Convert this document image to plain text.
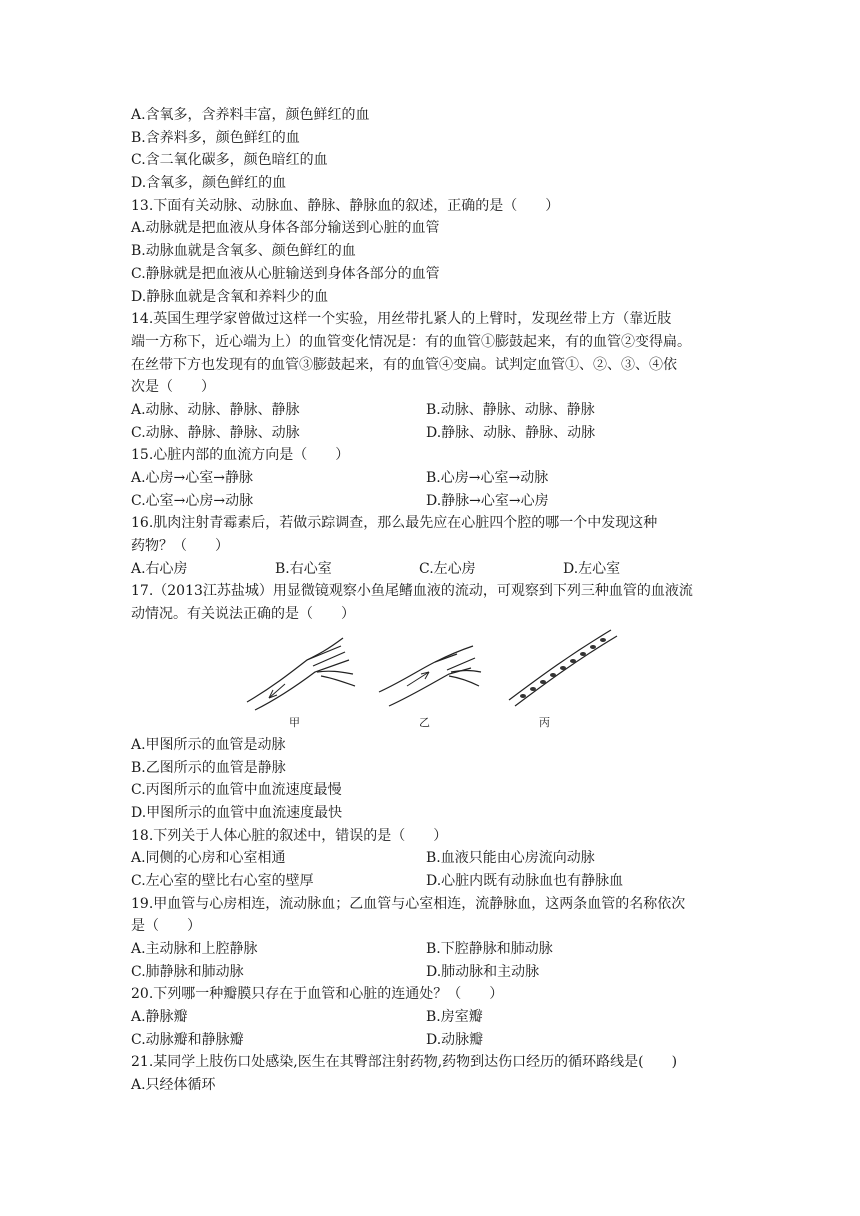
A.含氧多，含养料丰富，颜色鲜红的血
B.含养料多，颜色鲜红的血
C.含二氧化碳多，颜色暗红的血
D.含氧多，颜色鲜红的血
13.下面有关动脉、动脉血、静脉、静脉血的叙述，正确的是（　　）
A.动脉就是把血液从身体各部分输送到心脏的血管
B.动脉血就是含氧多、颜色鲜红的血
C.静脉就是把血液从心脏输送到身体各部分的血管
D.静脉血就是含氧和养料少的血
14.英国生理学家曾做过这样一个实验，用丝带扎紧人的上臂时，发现丝带上方（靠近肢
端一方称下，近心端为上）的血管变化情况是：有的血管①膨鼓起来，有的血管②变得扁。
在丝带下方也发现有的血管③膨鼓起来，有的血管④变扁。试判定血管①、②、③、④依
次是（　　）
A.动脉、动脉、静脉、静脉	B.动脉、静脉、动脉、静脉
C.动脉、静脉、静脉、动脉	D.静脉、动脉、静脉、动脉
15.心脏内部的血流方向是（　　）
A.心房→心室→静脉	B.心房→心室→动脉
C.心室→心房→动脉	D.静脉→心室→心房
16.肌肉注射青霉素后，若做示踪调查，那么最先应在心脏四个腔的哪一个中发现这种
药物？（　　）
A.右心房	B.右心室	C.左心房	D.左心室
17.（2013江苏盐城）用显微镜观察小鱼尾鳍血液的流动，可观察到下列三种血管的血液流
动情况。有关说法正确的是（　　）
甲	乙	丙
A.甲图所示的血管是动脉
B.乙图所示的血管是静脉
C.丙图所示的血管中血流速度最慢
D.甲图所示的血管中血流速度最快
18.下列关于人体心脏的叙述中，错误的是（　　）
A.同侧的心房和心室相通	B.血液只能由心房流向动脉
C.左心室的壁比右心室的壁厚	D.心脏内既有动脉血也有静脉血
19.甲血管与心房相连，流动脉血；乙血管与心室相连，流静脉血，这两条血管的名称依次
是（　　）
A.主动脉和上腔静脉	B.下腔静脉和肺动脉
C.肺静脉和肺动脉	D.肺动脉和主动脉
20.下列哪一种瓣膜只存在于血管和心脏的连通处？（　　）
A.静脉瓣	B.房室瓣
C.动脉瓣和静脉瓣	D.动脉瓣
21.某同学上肢伤口处感染,医生在其臀部注射药物,药物到达伤口经历的循环路线是(　　)
A.只经体循环
